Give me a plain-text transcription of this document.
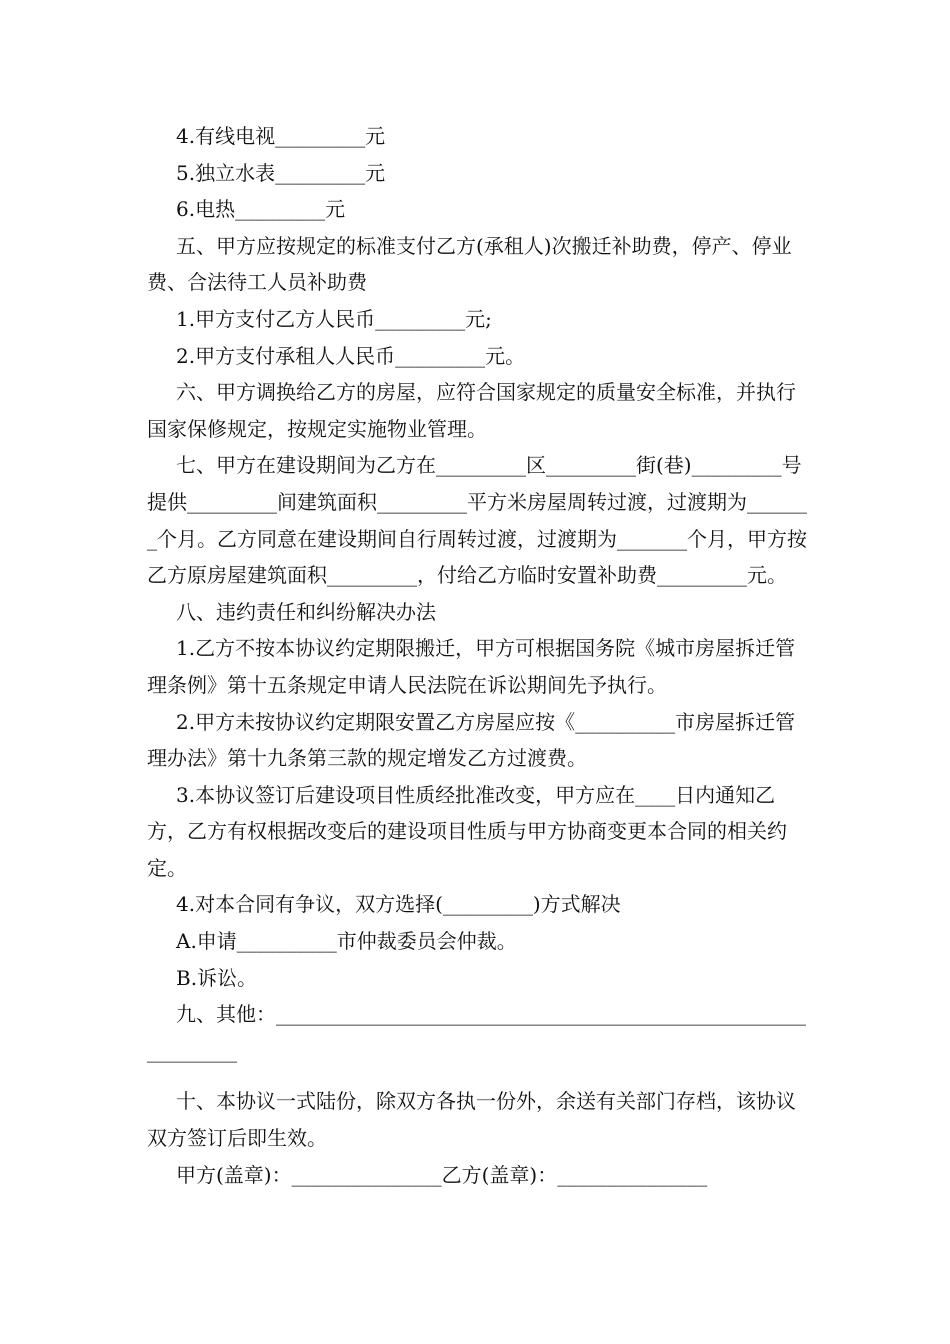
4.有线电视_________元

5.独立水表_________元

6.电热_________元

五、甲方应按规定的标准支付乙方(承租人)次搬迁补助费，停产、停业费、合法待工人员补助费

1.甲方支付乙方人民币_________元;

2.甲方支付承租人人民币_________元。

六、甲方调换给乙方的房屋，应符合国家规定的质量安全标准，并执行国家保修规定，按规定实施物业管理。

七、甲方在建设期间为乙方在_________区_________街(巷)_________号提供_________间建筑面积_________平方米房屋周转过渡，过渡期为_______个月。乙方同意在建设期间自行周转过渡，过渡期为_______个月，甲方按乙方原房屋建筑面积_________，付给乙方临时安置补助费_________元。

八、违约责任和纠纷解决办法

1.乙方不按本协议约定期限搬迁，甲方可根据国务院《城市房屋拆迁管理条例》第十五条规定申请人民法院在诉讼期间先予执行。

2.甲方未按协议约定期限安置乙方房屋应按《__________市房屋拆迁管理办法》第十九条第三款的规定增发乙方过渡费。

3.本协议签订后建设项目性质经批准改变，甲方应在____日内通知乙方，乙方有权根据改变后的建设项目性质与甲方协商变更本合同的相关约定。

4.对本合同有争议，双方选择(_________)方式解决

A.申请__________市仲裁委员会仲裁。

B.诉讼。

九、其他：______________________________________________________________

十、本协议一式陆份，除双方各执一份外，余送有关部门存档，该协议双方签订后即生效。

甲方(盖章)：_______________乙方(盖章)：_______________
